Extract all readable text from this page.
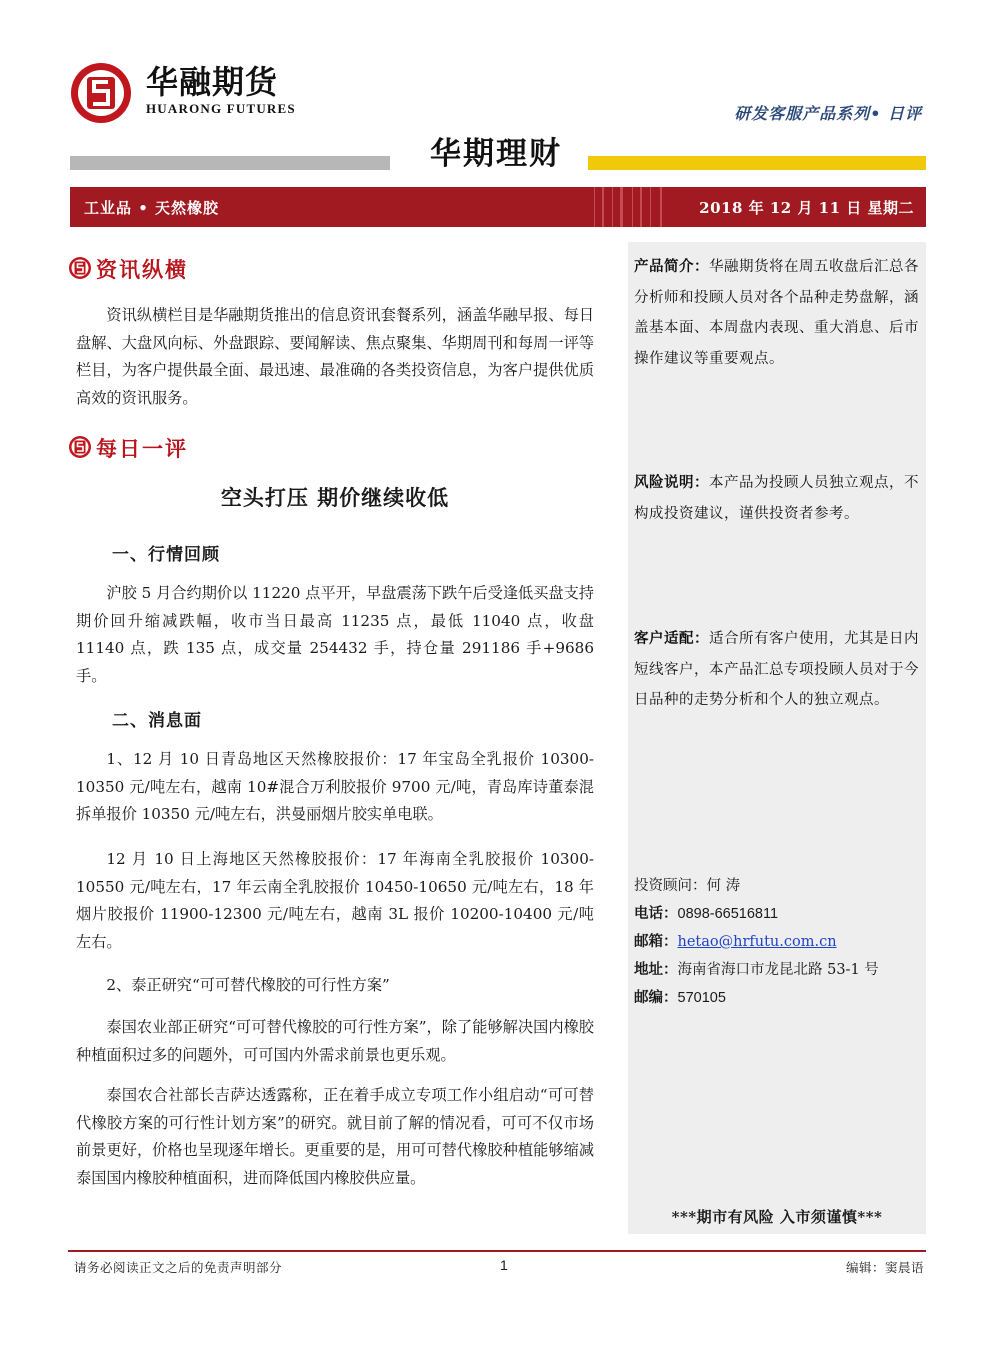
华融期货
HUARONG FUTURES	研发客服产品系列• 日评
华期理财
工业品 • 天然橡胶	2018 年 12 月 11 日 星期二
产品简介：华融期货将在周五收盘后汇总各分析师和投顾人员对各个品种走势盘解，涵盖基本面、本周盘内表现、重大消息、后市操作建议等重要观点。
风险说明：本产品为投顾人员独立观点，不构成投资建议，谨供投资者参考。
客户适配：适合所有客户使用，尤其是日内短线客户，本产品汇总专项投顾人员对于今日品种的走势分析和个人的独立观点。
投资顾问：何 涛
电话：0898-66516811
邮箱：hetao@hrfutu.com.cn
地址：海南省海口市龙昆北路 53-1 号
邮编：570105
***期市有风险 入市须谨慎***
资讯纵横
资讯纵横栏目是华融期货推出的信息资讯套餐系列，涵盖华融早报、每日盘解、大盘风向标、外盘跟踪、要闻解读、焦点聚集、华期周刊和每周一评等栏目，为客户提供最全面、最迅速、最准确的各类投资信息，为客户提供优质高效的资讯服务。
每日一评
空头打压 期价继续收低
一、行情回顾
沪胶 5 月合约期价以 11220 点平开，早盘震荡下跌午后受逢低买盘支持期价回升缩减跌幅，收市当日最高 11235 点，最低 11040 点，收盘 11140 点，跌 135 点，成交量 254432 手，持仓量 291186 手+9686 手。
二、消息面
1、12 月 10 日青岛地区天然橡胶报价：17 年宝岛全乳报价 10300-10350 元/吨左右，越南 10#混合万利胶报价 9700 元/吨，青岛库诗董泰混拆单报价 10350 元/吨左右，洪曼丽烟片胶实单电联。
12 月 10 日上海地区天然橡胶报价：17 年海南全乳胶报价 10300-10550 元/吨左右，17 年云南全乳胶报价 10450-10650 元/吨左右，18 年烟片胶报价 11900-12300 元/吨左右，越南 3L 报价 10200-10400 元/吨左右。
2、泰正研究“可可替代橡胶的可行性方案”
泰国农业部正研究“可可替代橡胶的可行性方案”，除了能够解决国内橡胶种植面积过多的问题外，可可国内外需求前景也更乐观。
泰国农合社部长吉萨达透露称，正在着手成立专项工作小组启动“可可替代橡胶方案的可行性计划方案”的研究。就目前了解的情况看，可可不仅市场前景更好，价格也呈现逐年增长。更重要的是，用可可替代橡胶种植能够缩减泰国国内橡胶种植面积，进而降低国内橡胶供应量。
请务必阅读正文之后的免责声明部分	1	编辑：窦晨语
